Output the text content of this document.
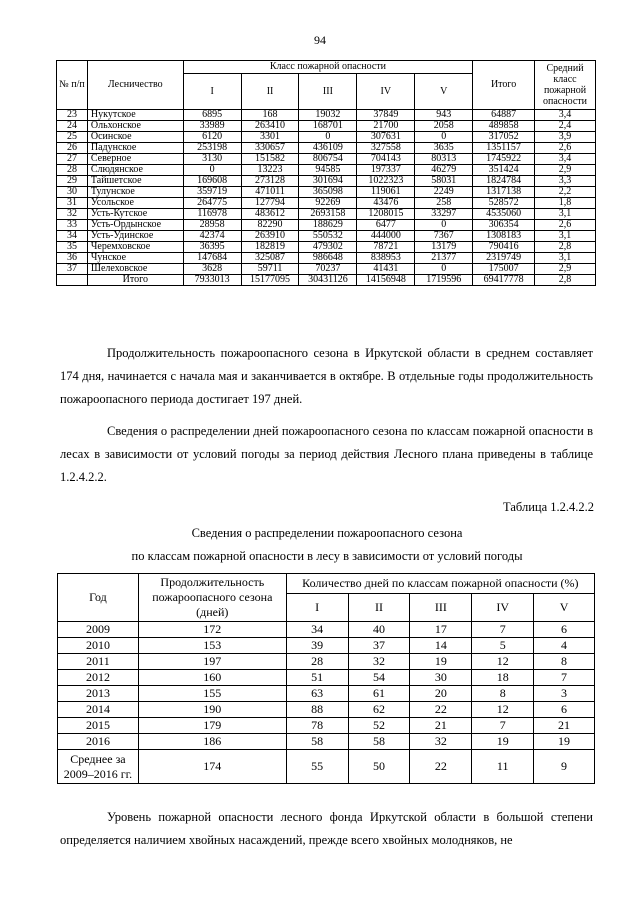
94
№ п/п	Лесничество	Класс пожарной опасности					Итого	Средний класс пожарной опасности
		I	II	III	IV	V		
23	Нукутское	6895	168	19032	37849	943	64887	3,4
24	Ольхонское	33989	263410	168701	21700	2058	489858	2,4
25	Осинское	6120	3301	0	307631	0	317052	3,9
26	Падунское	253198	330657	436109	327558	3635	1351157	2,6
27	Северное	3130	151582	806754	704143	80313	1745922	3,4
28	Слюдянское	0	13223	94585	197337	46279	351424	2,9
29	Тайшетское	169608	273128	301694	1022323	58031	1824784	3,3
30	Тулунское	359719	471011	365098	119061	2249	1317138	2,2
31	Усольское	264775	127794	92269	43476	258	528572	1,8
32	Усть-Кутское	116978	483612	2693158	1208015	33297	4535060	3,1
33	Усть-Ордынское	28958	82290	188629	6477	0	306354	2,6
34	Усть-Удинское	42374	263910	550532	444000	7367	1308183	3,1
35	Черемховское	36395	182819	479302	78721	13179	790416	2,8
36	Чунское	147684	325087	986648	838953	21377	2319749	3,1
37	Шелеховское	3628	59711	70237	41431	0	175007	2,9
	Итого	7933013	15177095	30431126	14156948	1719596	69417778	2,8

Продолжительность пожароопасного сезона в Иркутской области в среднем составляет 174 дня, начинается с начала мая и заканчивается в октябре. В отдельные годы продолжительность пожароопасного периода достигает 197 дней.

Сведения о распределении дней пожароопасного сезона по классам пожарной опасности в лесах в зависимости от условий погоды за период действия Лесного плана приведены в таблице 1.2.4.2.2.

Таблица 1.2.4.2.2
Сведения о распределении пожароопасного сезона
по классам пожарной опасности в лесу в зависимости от условий погоды
Год	Продолжительность пожароопасного сезона (дней)	Количество дней по классам пожарной опасности (%)				
		I	II	III	IV	V
2009	172	34	40	17	7	6
2010	153	39	37	14	5	4
2011	197	28	32	19	12	8
2012	160	51	54	30	18	7
2013	155	63	61	20	8	3
2014	190	88	62	22	12	6
2015	179	78	52	21	7	21
2016	186	58	58	32	19	19
Среднее за 2009–2016 гг.	174	55	50	22	11	9

Уровень пожарной опасности лесного фонда Иркутской области в большой степени определяется наличием хвойных насаждений, прежде всего хвойных молодняков, не
